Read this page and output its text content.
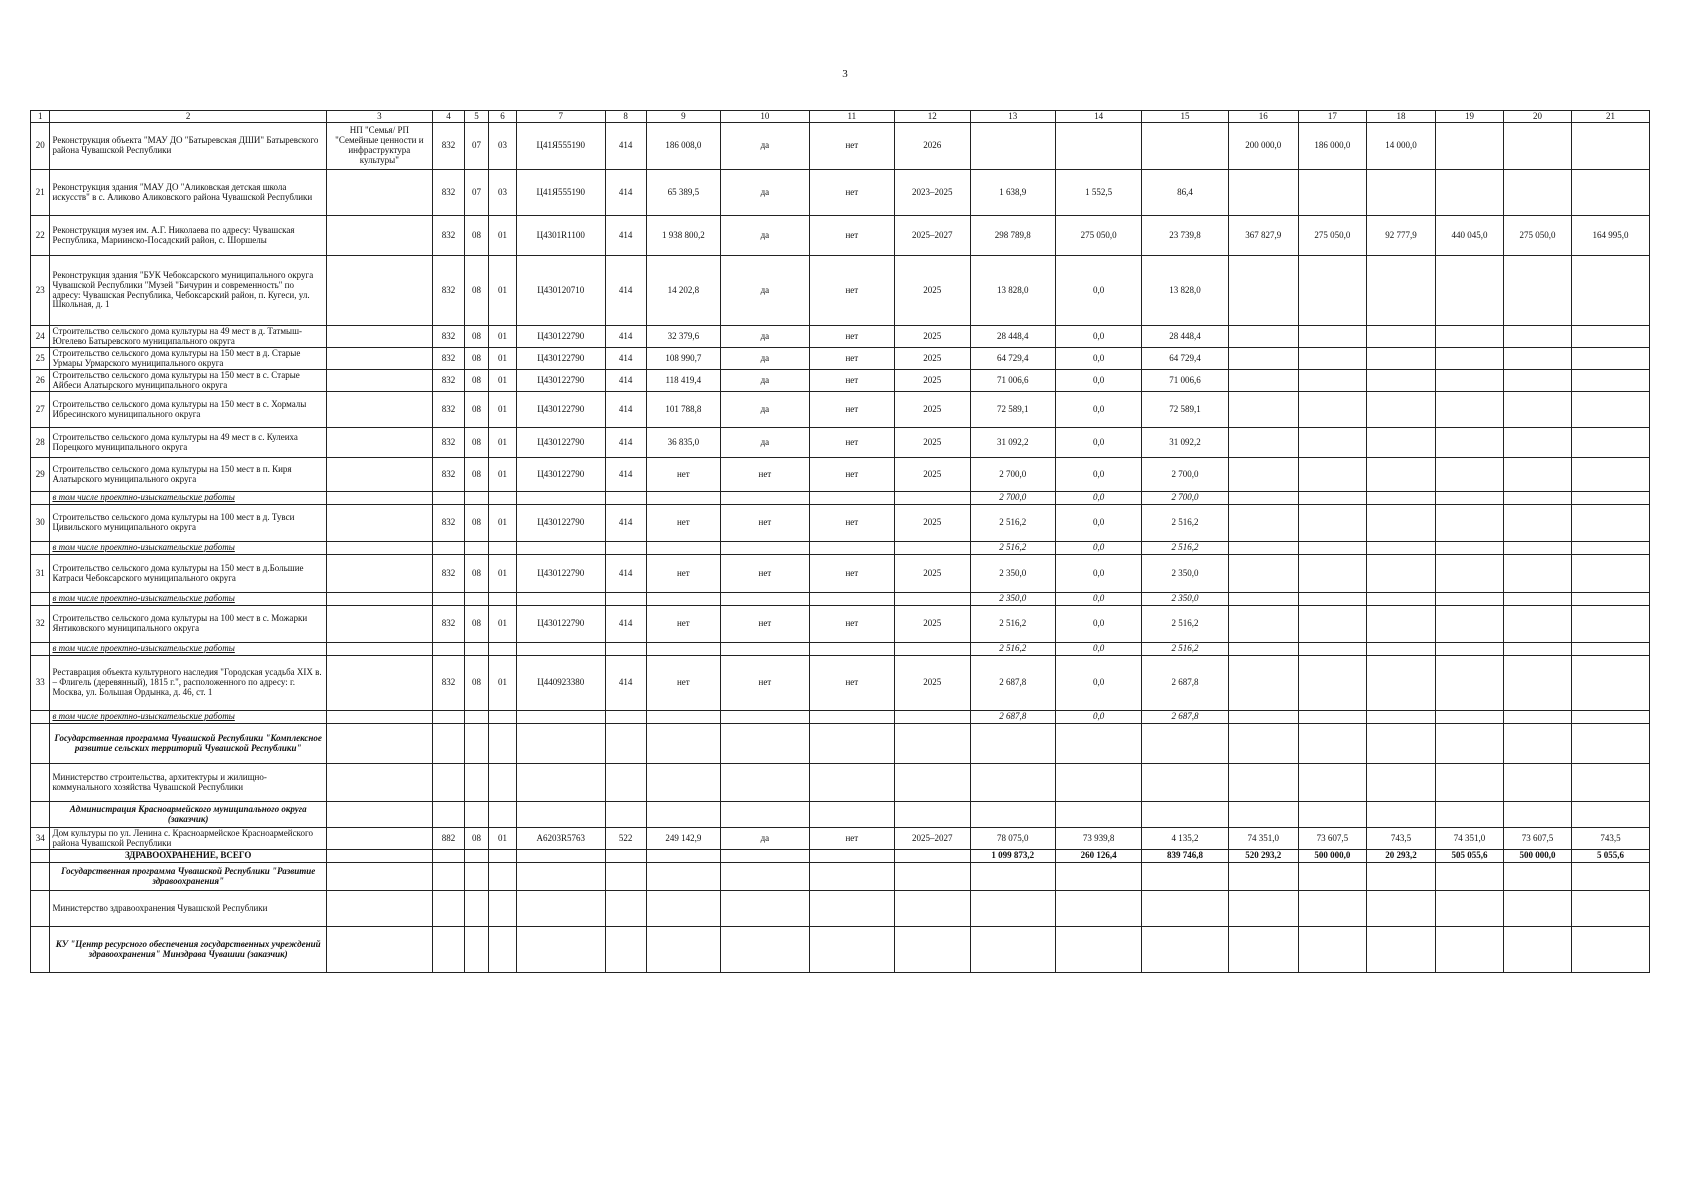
3
1	2	3	4	5	6	7	8	9	10	11	12	13	14	15	16	17	18	19	20	21
20	Реконструкция объекта "МАУ ДО "Батыревская ДШИ" Батыревского района Чувашской Республики	НП "Семья/ РП "Семейные ценности и инфраструктура культуры"	832	07	03	Ц41Я555190	414	186 008,0	да	нет	2026				200 000,0	186 000,0	14 000,0			
21	Реконструкция здания "МАУ ДО "Аликовская детская школа искусств" в с. Аликово Аликовского района Чувашской Республики		832	07	03	Ц41Я555190	414	65 389,5	да	нет	2023–2025	1 638,9	1 552,5	86,4						
22	Реконструкция музея им. А.Г. Николаева по адресу: Чувашская Республика, Мариинско-Посадский район, с. Шоршелы		832	08	01	Ц4301R1100	414	1 938 800,2	да	нет	2025–2027	298 789,8	275 050,0	23 739,8	367 827,9	275 050,0	92 777,9	440 045,0	275 050,0	164 995,0
23	Реконструкция здания "БУК Чебоксарского муниципального округа Чувашской Республики "Музей "Бичурин и современность" по адресу: Чувашская Республика, Чебоксарский район, п. Кугеси, ул. Школьная, д. 1		832	08	01	Ц430120710	414	14 202,8	да	нет	2025	13 828,0	0,0	13 828,0						
24	Строительство сельского дома культуры на 49 мест в д. Татмыш-Югелево Батыревского муниципального округа		832	08	01	Ц430122790	414	32 379,6	да	нет	2025	28 448,4	0,0	28 448,4						
25	Строительство сельского дома культуры на 150 мест в д. Старые Урмары Урмарского муниципального округа		832	08	01	Ц430122790	414	108 990,7	да	нет	2025	64 729,4	0,0	64 729,4						
26	Строительство сельского дома культуры на 150 мест в с. Старые Айбеси Алатырского муниципального округа		832	08	01	Ц430122790	414	118 419,4	да	нет	2025	71 006,6	0,0	71 006,6						
27	Строительство сельского дома культуры на 150 мест в с. Хормалы Ибресинского муниципального округа		832	08	01	Ц430122790	414	101 788,8	да	нет	2025	72 589,1	0,0	72 589,1						
28	Строительство сельского дома культуры на 49 мест в с. Кулеиха Порецкого муниципального округа		832	08	01	Ц430122790	414	36 835,0	да	нет	2025	31 092,2	0,0	31 092,2						
29	Строительство сельского дома культуры на 150 мест в п. Киря Алатырского муниципального округа		832	08	01	Ц430122790	414	нет	нет	нет	2025	2 700,0	0,0	2 700,0						
	в том числе проектно-изыскательские работы											2 700,0	0,0	2 700,0						
30	Строительство сельского дома культуры на 100 мест в д. Тувси Цивильского муниципального округа		832	08	01	Ц430122790	414	нет	нет	нет	2025	2 516,2	0,0	2 516,2						
	в том числе проектно-изыскательские работы											2 516,2	0,0	2 516,2						
31	Строительство сельского дома культуры на 150 мест в д.Большие Катраси Чебоксарского муниципального округа		832	08	01	Ц430122790	414	нет	нет	нет	2025	2 350,0	0,0	2 350,0						
	в том числе проектно-изыскательские работы											2 350,0	0,0	2 350,0						
32	Строительство сельского дома культуры на 100 мест в с. Можарки Янтиковского муниципального округа		832	08	01	Ц430122790	414	нет	нет	нет	2025	2 516,2	0,0	2 516,2						
	в том числе проектно-изыскательские работы											2 516,2	0,0	2 516,2						
33	Реставрация объекта культурного наследия "Городская усадьба XIX в. – Флигель (деревянный), 1815 г.", расположенного по адресу: г. Москва, ул. Большая Ордынка, д. 46, ст. 1		832	08	01	Ц440923380	414	нет	нет	нет	2025	2 687,8	0,0	2 687,8						
	в том числе проектно-изыскательские работы											2 687,8	0,0	2 687,8						
	Государственная программа Чувашской Республики "Комплексное развитие сельских территорий Чувашской Республики"																			
	Министерство строительства, архитектуры и жилищно-коммунального хозяйства Чувашской Республики																			
	Администрация Красноармейского муниципального округа (заказчик)																			
34	Дом культуры по ул. Ленина с. Красноармейское Красноармейского района Чувашской Республики		882	08	01	А6203R5763	522	249 142,9	да	нет	2025–2027	78 075,0	73 939,8	4 135,2	74 351,0	73 607,5	743,5	74 351,0	73 607,5	743,5
	ЗДРАВООХРАНЕНИЕ, ВСЕГО											1 099 873,2	260 126,4	839 746,8	520 293,2	500 000,0	20 293,2	505 055,6	500 000,0	5 055,6
	Государственная программа Чувашской Республики "Развитие здравоохранения"																			
	Министерство здравоохранения Чувашской Республики																			
	КУ "Центр ресурсного обеспечения государственных учреждений здравоохранения" Минздрава Чувашии (заказчик)																			
